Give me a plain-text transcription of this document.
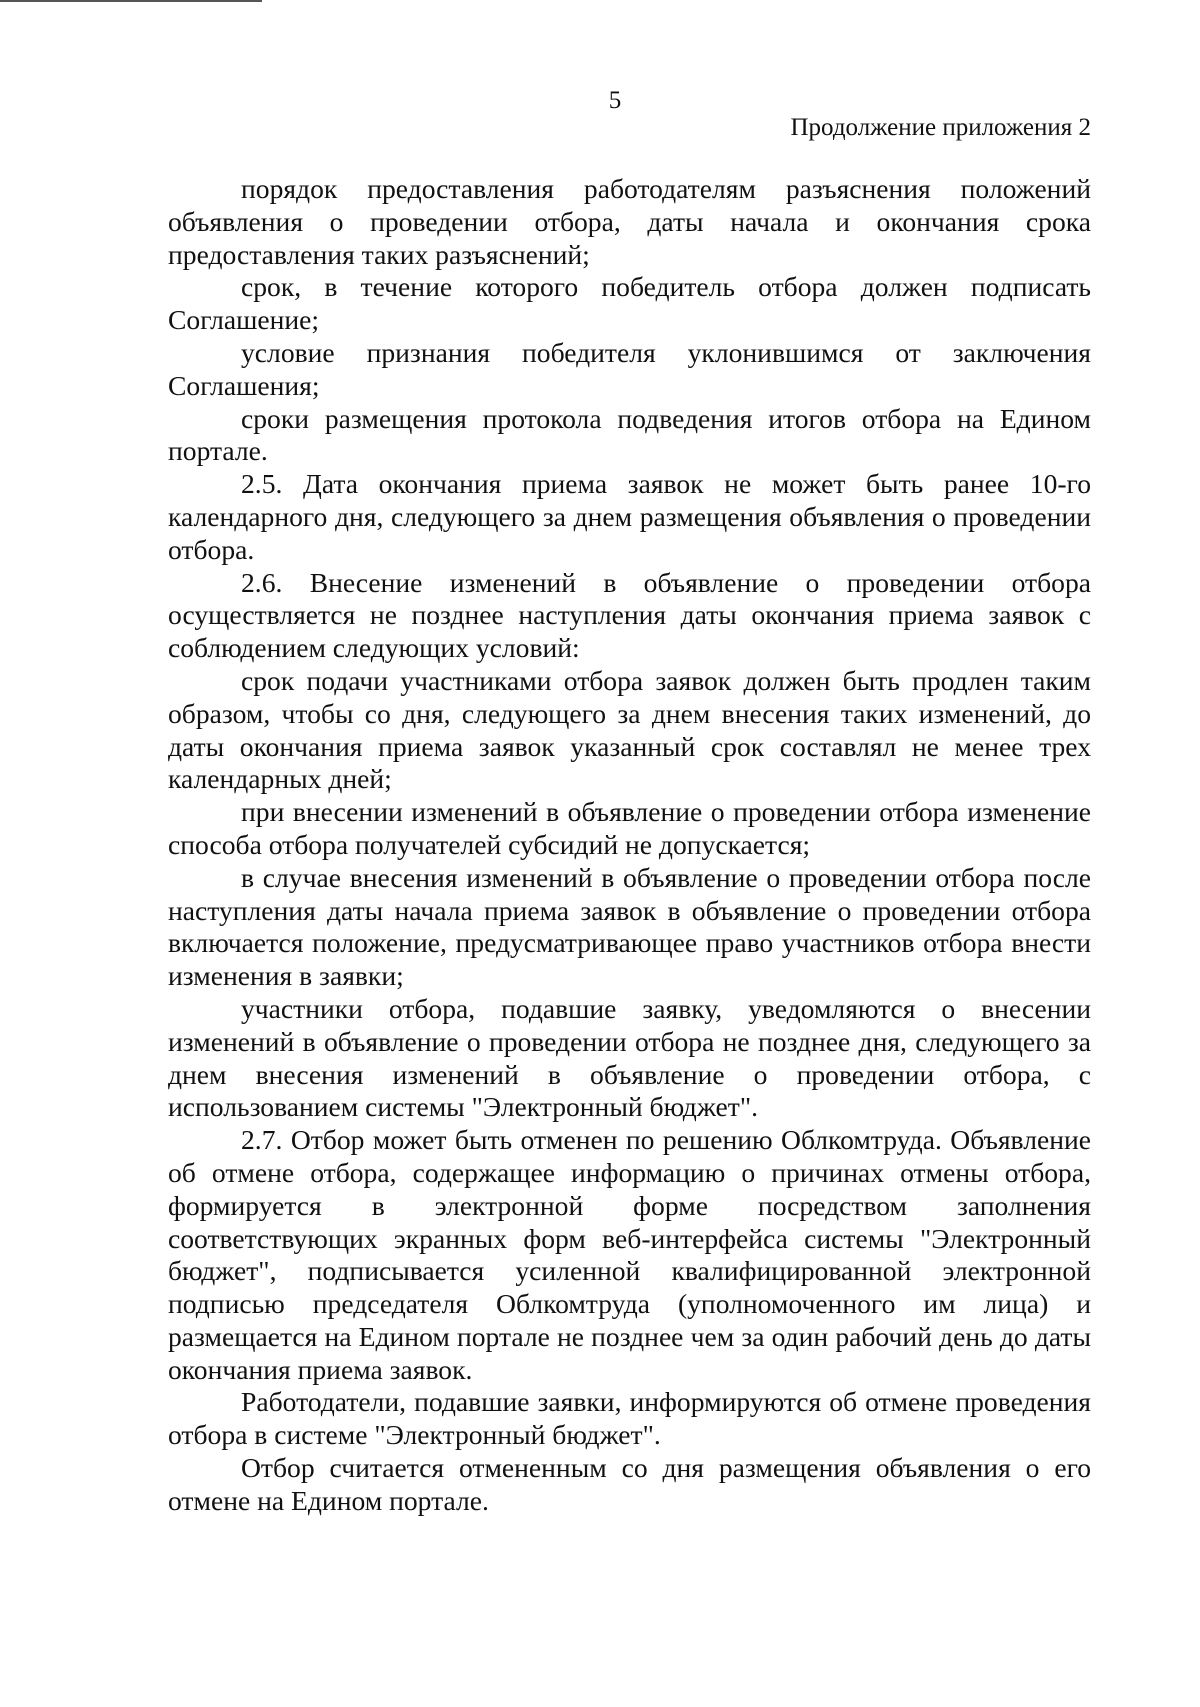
5
Продолжение приложения 2

порядок предоставления работодателям разъяснения положений объявления о проведении отбора, даты начала и окончания срока предоставления таких разъяснений;

срок, в течение которого победитель отбора должен подписать Соглашение;

условие признания победителя уклонившимся от заключения Соглашения;

сроки размещения протокола подведения итогов отбора на Едином портале.

2.5. Дата окончания приема заявок не может быть ранее 10-го календарного дня, следующего за днем размещения объявления о проведении отбора.

2.6. Внесение изменений в объявление о проведении отбора осуществляется не позднее наступления даты окончания приема заявок с соблюдением следующих условий:

срок подачи участниками отбора заявок должен быть продлен таким образом, чтобы со дня, следующего за днем внесения таких изменений, до даты окончания приема заявок указанный срок составлял не менее трех календарных дней;

при внесении изменений в объявление о проведении отбора изменение способа отбора получателей субсидий не допускается;

в случае внесения изменений в объявление о проведении отбора после наступления даты начала приема заявок в объявление о проведении отбора включается положение, предусматривающее право участников отбора внести изменения в заявки;

участники отбора, подавшие заявку, уведомляются о внесении изменений в объявление о проведении отбора не позднее дня, следующего за днем внесения изменений в объявление о проведении отбора, с использованием системы "Электронный бюджет".

2.7. Отбор может быть отменен по решению Облкомтруда. Объявление об отмене отбора, содержащее информацию о причинах отмены отбора, формируется в электронной форме посредством заполнения соответствующих экранных форм веб-интерфейса системы "Электронный бюджет", подписывается усиленной квалифицированной электронной подписью председателя Облкомтруда (уполномоченного им лица) и размещается на Едином портале не позднее чем за один рабочий день до даты окончания приема заявок.

Работодатели, подавшие заявки, информируются об отмене проведения отбора в системе "Электронный бюджет".

Отбор считается отмененным со дня размещения объявления о его отмене на Едином портале.
